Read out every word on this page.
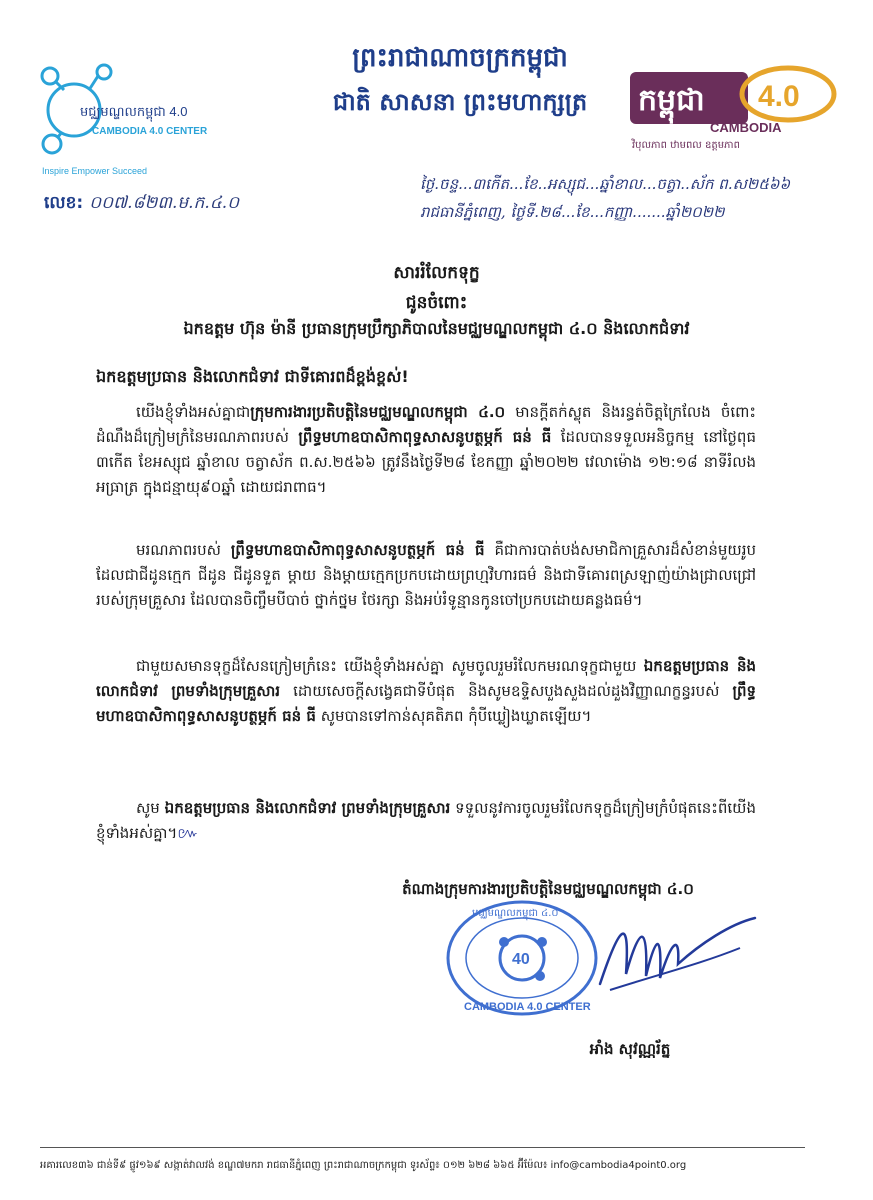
ព្រះរាជាណាចក្រកម្ពុជា
ជាតិ សាសនា ព្រះមហាក្សត្រ
មជ្ឈមណ្ឌលកម្ពុជា 4.0
CAMBODIA 4.0 CENTER
Inspire Empower Succeed
កម្ពុជា 4.0
CAMBODIA
វិបុលភាព ឋាមពល ឧត្តមភាព
លេខ: ០០៧.៨២៣.ម.ក.៤.០
ថ្ងៃ.ចន្ទ...៣កើត...ខែ..អស្សុជ...ឆ្នាំខាល...ចត្វា..ស័ក ព.ស២៥៦៦
រាជធានីភ្នំពេញ, ថ្ងៃទី.២៨...ខែ...កញ្ញា.......ឆ្នាំ២០២២
សាររំលែកទុក្ខ
ជូនចំពោះ
ឯកឧត្តម ហ៊ុន ម៉ានី ប្រធានក្រុមប្រឹក្សាភិបាលនៃមជ្ឈមណ្ឌលកម្ពុជា ៤.០ និងលោកជំទាវ
ឯកឧត្តមប្រធាន និងលោកជំទាវ ជាទីគោរពដ៏ខ្ពង់ខ្ពស់!
យើងខ្ញុំទាំងអស់គ្នាជាក្រុមការងារប្រតិបត្តិនៃមជ្ឈមណ្ឌលកម្ពុជា ៤.០ មានក្តីតក់ស្លុត និងរន្ធត់ចិត្តក្រៃលែង ចំពោះដំណឹងដ៏ក្រៀមក្រំនៃមរណភាពរបស់ ព្រឹទ្ធមហាឧបាសិកាពុទ្ធសាសនូបត្ថម្ភក៍ ធន់ ធី ដែលបានទទួលអនិច្ចកម្ម នៅថ្ងៃពុធ ៣កើត ខែអស្សុជ ឆ្នាំខាល ចត្វាស័ក ព.ស.២៥៦៦ ត្រូវនឹងថ្ងៃទី២៨ ខែកញ្ញា ឆ្នាំ២០២២ វេលាម៉ោង ១២:១៨ នាទីរំលងអធ្រាត្រ ក្នុងជន្មាយុ៩០ឆ្នាំ ដោយជរាពាធ។
មរណភាពរបស់ ព្រឹទ្ធមហាឧបាសិកាពុទ្ធសាសនូបត្ថម្ភក៍ ធន់ ធី គឺជាការបាត់បង់សមាជិកាគ្រួសារដ៏សំខាន់មួយរូបដែលជាជីដូនក្មេក ជីដូន ជីដូនទួត ម្តាយ និងម្តាយក្មេកប្រកបដោយព្រហ្មវិហារធម៌ និងជាទីគោរពស្រឡាញ់យ៉ាងជ្រាលជ្រៅរបស់ក្រុមគ្រួសារ ដែលបានចិញ្ចឹមបីបាច់ ថ្នាក់ថ្នម ថែរក្សា និងអប់រំទូន្មានកូនចៅប្រកបដោយគន្លងធម៌។
ជាមួយសមានទុក្ខដ៏សែនក្រៀមក្រំនេះ យើងខ្ញុំទាំងអស់គ្នា សូមចូលរួមរំលែកមរណទុក្ខជាមួយ ឯកឧត្តមប្រធាន និងលោកជំទាវ ព្រមទាំងក្រុមគ្រួសារ ដោយសេចក្តីសង្វេគជាទីបំផុត និងសូមឧទ្ទិសបួងសួងដល់ដួងវិញ្ញាណក្ខន្ធរបស់ ព្រឹទ្ធមហាឧបាសិកាពុទ្ធសាសនូបត្ថម្ភក៍ ធន់ ធី សូមបានទៅកាន់សុគតិភព កុំបីឃ្លៀងឃ្លាតឡើយ។
សូម ឯកឧត្តមប្រធាន និងលោកជំទាវ ព្រមទាំងក្រុមគ្រួសារ ទទួលនូវការចូលរួមរំលែកទុក្ខដ៏ក្រៀមក្រំបំផុតនេះពីយើងខ្ញុំទាំងអស់គ្នា។៚
តំណាងក្រុមការងារប្រតិបត្តិនៃមជ្ឈមណ្ឌលកម្ពុជា ៤.០
40
មជ្ឈមណ្ឌលកម្ពុជា ៤.០
CAMBODIA 4.0 CENTER
អាំង សុវណ្ណរ័ត្ន
អគារលេខ៣៦ ជាន់ទី៩ ផ្លូវ១៦៩ សង្កាត់វាលវង់ ខណ្ឌ៧មករា រាជធានីភ្នំពេញ ព្រះរាជាណាចក្រកម្ពុជា ទូរស័ព្ទ៖ ០១២ ៦២៨ ៦៦៥ អ៊ីម៉ែល៖ info@cambodia4point0.org
